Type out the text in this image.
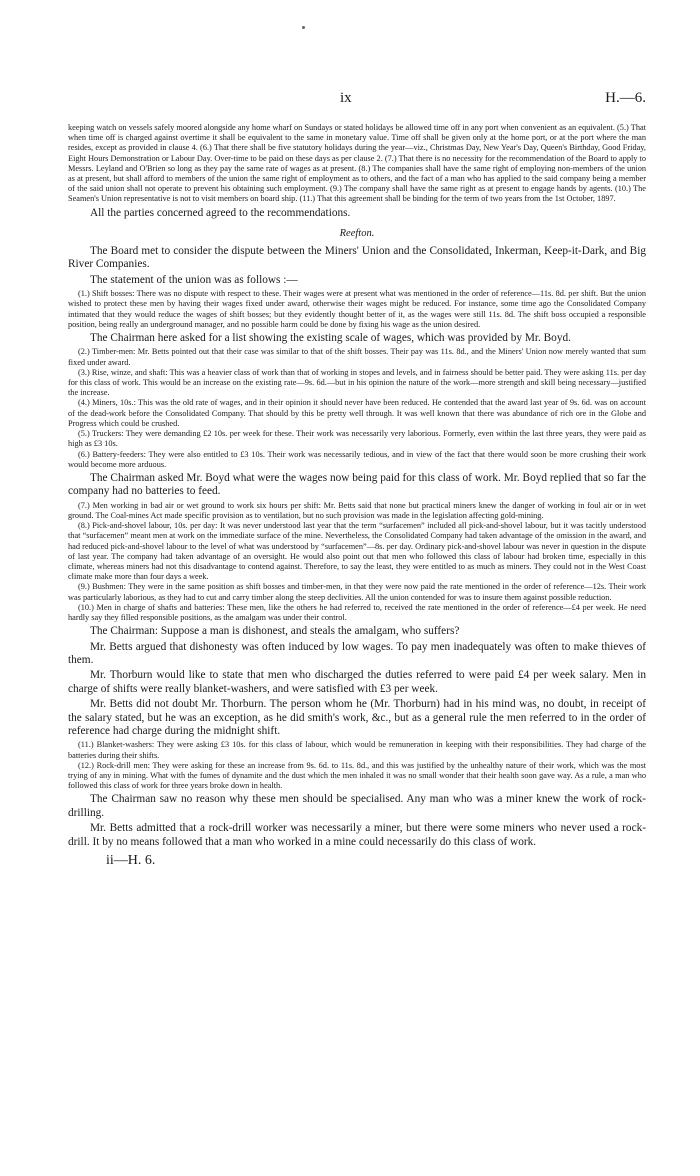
ix	H.—6.

keeping watch on vessels safely moored alongside any home wharf on Sundays or stated holidays be allowed time off in any port when convenient as an equivalent. (5.) That when time off is charged against overtime it shall be equivalent to the same in monetary value. Time off shall be given only at the home port, or at the port where the man resides, except as provided in clause 4. (6.) That there shall be five statutory holidays during the year—viz., Christmas Day, New Year's Day, Queen's Birthday, Good Friday, Eight Hours Demonstration or Labour Day. Over-time to be paid on these days as per clause 2. (7.) That there is no necessity for the recommendation of the Board to apply to Messrs. Leyland and O'Brien so long as they pay the same rate of wages as at present. (8.) The companies shall have the same right of employing non-members of the union as at present, but shall afford to members of the union the same right of employment as to others, and the fact of a man who has applied to the said company being a member of the said union shall not operate to prevent his obtaining such employment. (9.) The company shall have the same right as at present to engage hands by agents. (10.) The Seamen's Union representative is not to visit members on board ship. (11.) That this agreement shall be binding for the term of two years from the 1st October, 1897.

All the parties concerned agreed to the recommendations.

Reefton.

The Board met to consider the dispute between the Miners' Union and the Consolidated, Inkerman, Keep-it-Dark, and Big River Companies.

The statement of the union was as follows :—

(1.) Shift bosses: There was no dispute with respect to these. Their wages were at present what was mentioned in the order of reference—11s. 8d. per shift. But the union wished to protect these men by having their wages fixed under award, otherwise their wages might be reduced. For instance, some time ago the Consolidated Company intimated that they would reduce the wages of shift bosses; but they evidently thought better of it, as the wages were still 11s. 8d. The shift boss occupied a responsible position, being really an underground manager, and no possible harm could be done by fixing his wage as the union desired.

The Chairman here asked for a list showing the existing scale of wages, which was provided by Mr. Boyd.

(2.) Timber-men: Mr. Betts pointed out that their case was similar to that of the shift bosses. Their pay was 11s. 8d., and the Miners' Union now merely wanted that sum fixed under award.

(3.) Rise, winze, and shaft: This was a heavier class of work than that of working in stopes and levels, and in fairness should be better paid. They were asking 11s. per day for this class of work. This would be an increase on the existing rate—9s. 6d.—but in his opinion the nature of the work—more strength and skill being necessary—justified the increase.

(4.) Miners, 10s.: This was the old rate of wages, and in their opinion it should never have been reduced. He contended that the award last year of 9s. 6d. was on account of the dead-work before the Consolidated Company. That should by this be pretty well through. It was well known that there was abundance of rich ore in the Globe and Progress which could be crushed.

(5.) Truckers: They were demanding £2 10s. per week for these. Their work was necessarily very laborious. Formerly, even within the last three years, they were paid as high as £3 10s.

(6.) Battery-feeders: They were also entitled to £3 10s. Their work was necessarily tedious, and in view of the fact that there would soon be more crushing their work would become more arduous.

The Chairman asked Mr. Boyd what were the wages now being paid for this class of work. Mr. Boyd replied that so far the company had no batteries to feed.

(7.) Men working in bad air or wet ground to work six hours per shift: Mr. Betts said that none but practical miners knew the danger of working in foul air or in wet ground. The Coal-mines Act made specific provision as to ventilation, but no such provision was made in the legislation affecting gold-mining.

(8.) Pick-and-shovel labour, 10s. per day: It was never understood last year that the term “surfacemen” included all pick-and-shovel labour, but it was tacitly understood that “surfacemen” meant men at work on the immediate surface of the mine. Nevertheless, the Consolidated Company had taken advantage of the omission in the award, and had reduced pick-and-shovel labour to the level of what was understood by “surfacemen”—8s. per day. Ordinary pick-and-shovel labour was never in question in the dispute of last year. The company had taken advantage of an oversight. He would also point out that men who followed this class of labour had broken time, especially in this climate, whereas miners had not this disadvantage to contend against. Therefore, to say the least, they were entitled to as much as miners. They could not in the West Coast climate make more than four days a week.

(9.) Bushmen: They were in the same position as shift bosses and timber-men, in that they were now paid the rate mentioned in the order of reference—12s. Their work was particularly laborious, as they had to cut and carry timber along the steep declivities. All the union contended for was to insure them against possible reduction.

(10.) Men in charge of shafts and batteries: These men, like the others he had referred to, received the rate mentioned in the order of reference—£4 per week. He need hardly say they filled responsible positions, as the amalgam was under their control.

The Chairman: Suppose a man is dishonest, and steals the amalgam, who suffers?

Mr. Betts argued that dishonesty was often induced by low wages. To pay men inadequately was often to make thieves of them.

Mr. Thorburn would like to state that men who discharged the duties referred to were paid £4 per week salary. Men in charge of shifts were really blanket-washers, and were satisfied with £3 per week.

Mr. Betts did not doubt Mr. Thorburn. The person whom he (Mr. Thorburn) had in his mind was, no doubt, in receipt of the salary stated, but he was an exception, as he did smith's work, &c., but as a general rule the men referred to in the order of reference had charge during the midnight shift.

(11.) Blanket-washers: They were asking £3 10s. for this class of labour, which would be remuneration in keeping with their responsibilities. They had charge of the batteries during their shifts.

(12.) Rock-drill men: They were asking for these an increase from 9s. 6d. to 11s. 8d., and this was justified by the unhealthy nature of their work, which was the most trying of any in mining. What with the fumes of dynamite and the dust which the men inhaled it was no small wonder that their health soon gave way. As a rule, a man who followed this class of work for three years broke down in health.

The Chairman saw no reason why these men should be specialised. Any man who was a miner knew the work of rock-drilling.

Mr. Betts admitted that a rock-drill worker was necessarily a miner, but there were some miners who never used a rock-drill. It by no means followed that a man who worked in a mine could necessarily do this class of work.

ii—H. 6.
